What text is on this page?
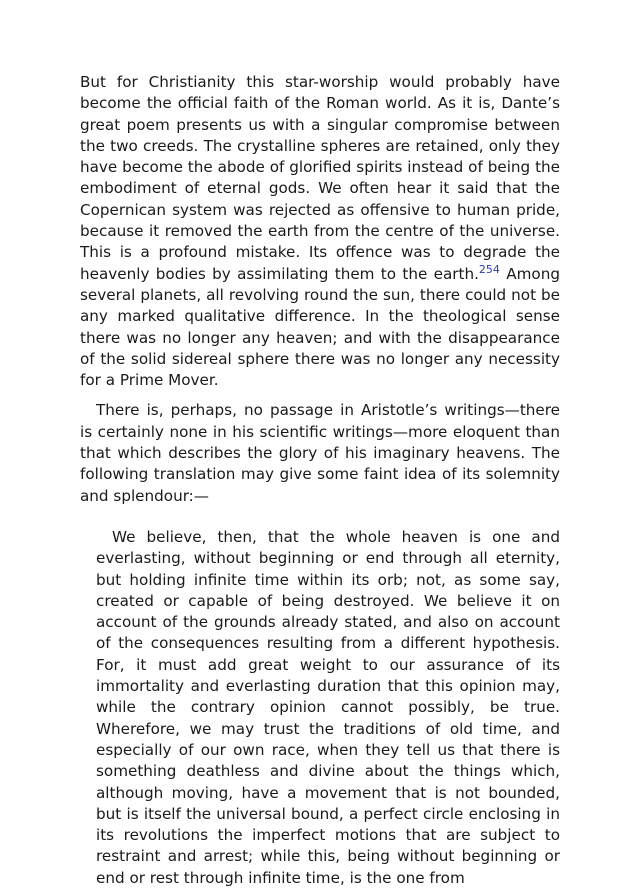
But for Christianity this star-worship would probably have become the official faith of the Roman world. As it is, Dante’s great poem presents us with a singular compromise between the two creeds. The crystalline spheres are retained, only they have become the abode of glorified spirits instead of being the embodiment of eternal gods. We often hear it said that the Copernican system was rejected as offensive to human pride, because it removed the earth from the centre of the universe. This is a profound mistake. Its offence was to degrade the heavenly bodies by assimilating them to the earth.$^{254}$ Among several planets, all revolving round the sun, there could not be any marked qualitative difference. In the theological sense there was no longer any heaven; and with the disappearance of the solid sidereal sphere there was no longer any necessity for a Prime Mover.

There is, perhaps, no passage in Aristotle’s writings—there is certainly none in his scientific writings—more eloquent than that which describes the glory of his imaginary heavens. The following translation may give some faint idea of its solemnity and splendour:—

We believe, then, that the whole heaven is one and everlasting, without beginning or end through all eternity, but holding infinite time within its orb; not, as some say, created or capable of being destroyed. We believe it on account of the grounds already stated, and also on account of the consequences resulting from a different hypothesis. For, it must add great weight to our assurance of its immortality and everlasting duration that this opinion may, while the contrary opinion cannot possibly, be true. Wherefore, we may trust the traditions of old time, and especially of our own race, when they tell us that there is something deathless and divine about the things which, although moving, have a movement that is not bounded, but is itself the universal bound, a perfect circle enclosing in its revolutions the imperfect motions that are subject to restraint and arrest; while this, being without beginning or end or rest through infinite time, is the one from
